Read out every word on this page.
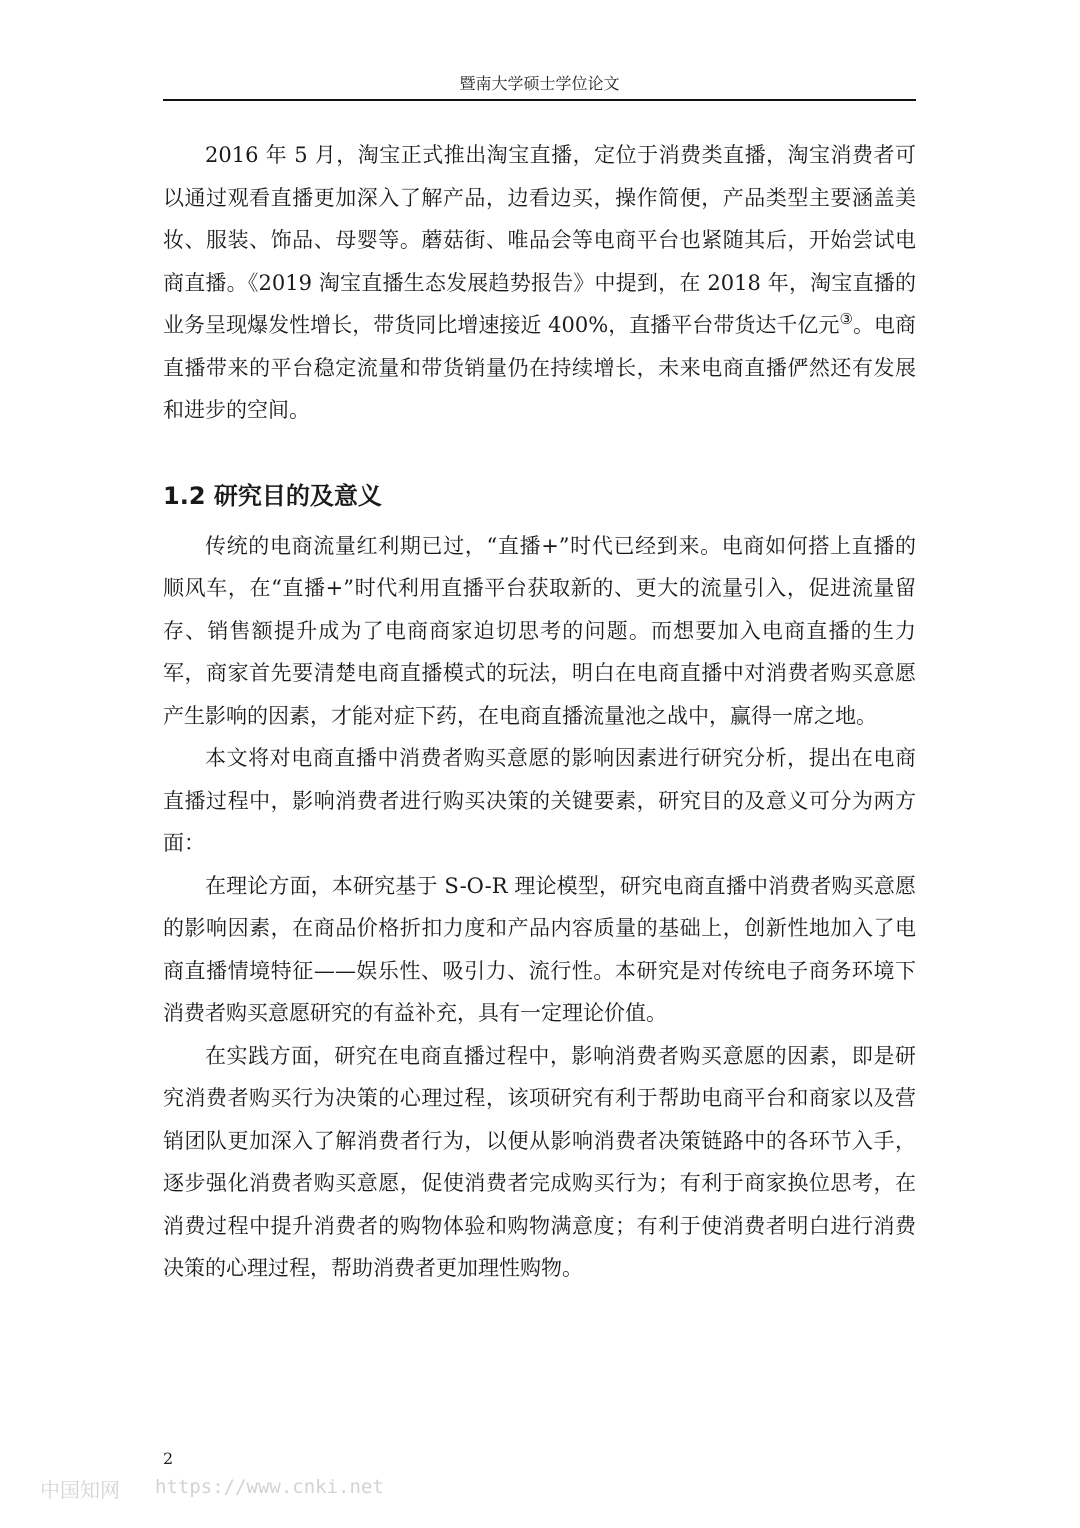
暨南大学硕士学位论文

2016 年 5 月，淘宝正式推出淘宝直播，定位于消费类直播，淘宝消费者可以通过观看直播更加深入了解产品，边看边买，操作简便，产品类型主要涵盖美妆、服装、饰品、母婴等。蘑菇街、唯品会等电商平台也紧随其后，开始尝试电商直播。《2019 淘宝直播生态发展趋势报告》中提到，在 2018 年，淘宝直播的业务呈现爆发性增长，带货同比增速接近 400%，直播平台带货达千亿元③。电商直播带来的平台稳定流量和带货销量仍在持续增长，未来电商直播俨然还有发展和进步的空间。

1.2 研究目的及意义

传统的电商流量红利期已过，“直播+”时代已经到来。电商如何搭上直播的顺风车，在“直播+”时代利用直播平台获取新的、更大的流量引入，促进流量留存、销售额提升成为了电商商家迫切思考的问题。而想要加入电商直播的生力军，商家首先要清楚电商直播模式的玩法，明白在电商直播中对消费者购买意愿产生影响的因素，才能对症下药，在电商直播流量池之战中，赢得一席之地。

本文将对电商直播中消费者购买意愿的影响因素进行研究分析，提出在电商直播过程中，影响消费者进行购买决策的关键要素，研究目的及意义可分为两方面：

在理论方面，本研究基于 S-O-R 理论模型，研究电商直播中消费者购买意愿的影响因素，在商品价格折扣力度和产品内容质量的基础上，创新性地加入了电商直播情境特征——娱乐性、吸引力、流行性。本研究是对传统电子商务环境下消费者购买意愿研究的有益补充，具有一定理论价值。

在实践方面，研究在电商直播过程中，影响消费者购买意愿的因素，即是研究消费者购买行为决策的心理过程，该项研究有利于帮助电商平台和商家以及营销团队更加深入了解消费者行为，以便从影响消费者决策链路中的各环节入手，逐步强化消费者购买意愿，促使消费者完成购买行为；有利于商家换位思考，在消费过程中提升消费者的购物体验和购物满意度；有利于使消费者明白进行消费决策的心理过程，帮助消费者更加理性购物。

2
中国知网 https://www.cnki.net
